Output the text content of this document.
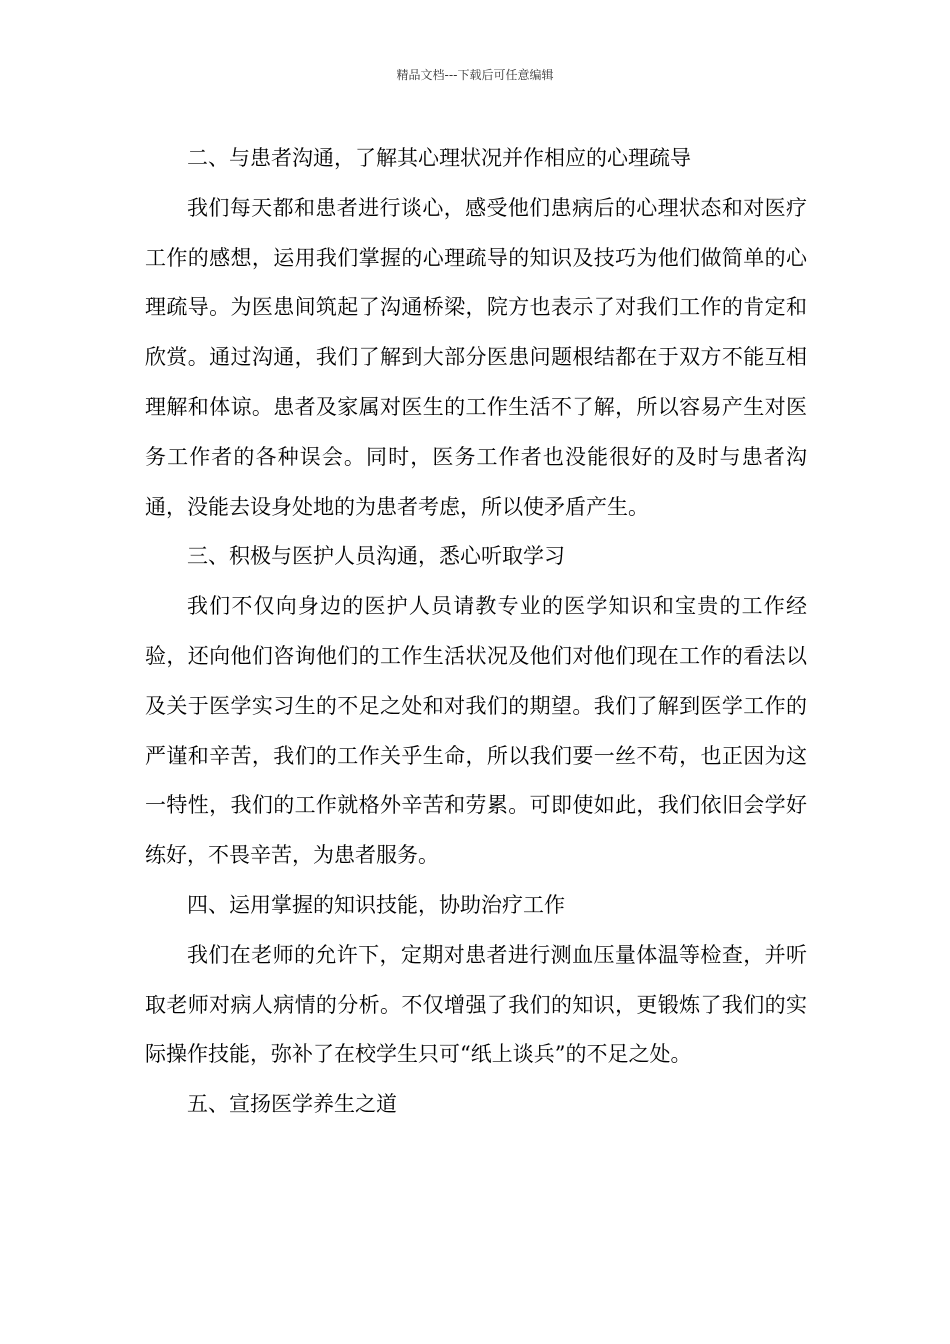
精品文档---下载后可任意编辑

二、与患者沟通，了解其心理状况并作相应的心理疏导

我们每天都和患者进行谈心，感受他们患病后的心理状态和对医疗工作的感想，运用我们掌握的心理疏导的知识及技巧为他们做简单的心理疏导。为医患间筑起了沟通桥梁，院方也表示了对我们工作的肯定和欣赏。通过沟通，我们了解到大部分医患问题根结都在于双方不能互相理解和体谅。患者及家属对医生的工作生活不了解，所以容易产生对医务工作者的各种误会。同时，医务工作者也没能很好的及时与患者沟通，没能去设身处地的为患者考虑，所以使矛盾产生。

三、积极与医护人员沟通，悉心听取学习

我们不仅向身边的医护人员请教专业的医学知识和宝贵的工作经验，还向他们咨询他们的工作生活状况及他们对他们现在工作的看法以及关于医学实习生的不足之处和对我们的期望。我们了解到医学工作的严谨和辛苦，我们的工作关乎生命，所以我们要一丝不苟，也正因为这一特性，我们的工作就格外辛苦和劳累。可即使如此，我们依旧会学好练好，不畏辛苦，为患者服务。

四、运用掌握的知识技能，协助治疗工作

我们在老师的允许下，定期对患者进行测血压量体温等检查，并听取老师对病人病情的分析。不仅增强了我们的知识，更锻炼了我们的实际操作技能，弥补了在校学生只可“纸上谈兵”的不足之处。

五、宣扬医学养生之道
